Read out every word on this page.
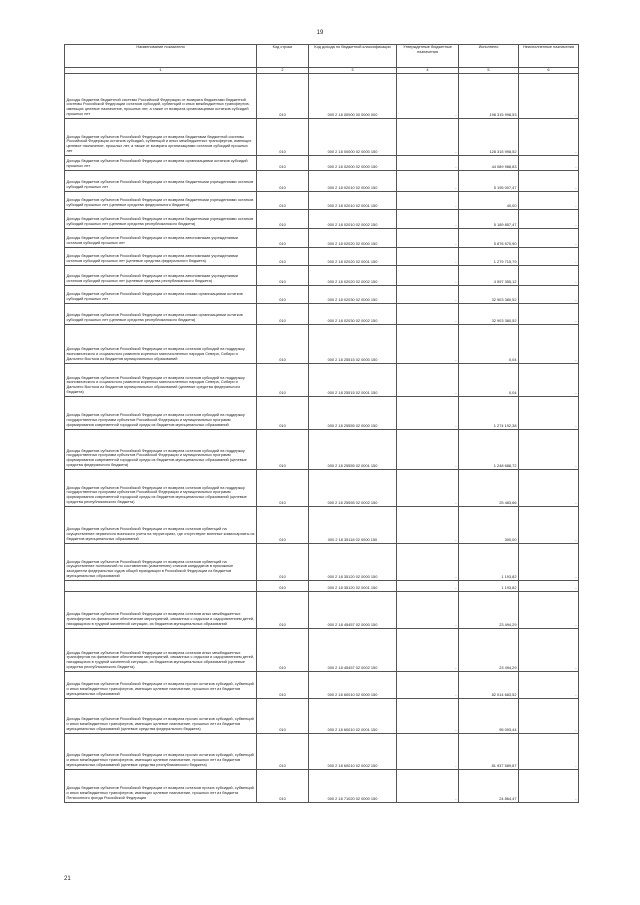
19
Наименование показателя	Код строки	Код дохода по бюджетной классификации	Утвержденные бюджетные назначения	Исполнено	Неисполненные назначения
1	2	3	4	5	6
Доходы бюджетов бюджетной системы Российской Федерации от возврата бюджетами бюджетной системы Российской Федерации остатков субсидий, субвенций и иных межбюджетных трансфертов, имеющих целевое назначение, прошлых лет, а также от возврата организациями остатков субсидий прошлых лет	010	000 2 18 00000 00 0000 000	-	198 315 998,53	-
Доходы бюджетов субъектов Российской Федерации от возврата бюджетами бюджетной системы Российской Федерации остатков субсидий, субвенций и иных межбюджетных трансфертов, имеющих целевое назначение, прошлых лет, а также от возврата организациями остатков субсидий прошлых лет	010	000 2 18 00000 02 0000 150	-	128 315 998,52	-
Доходы бюджетов субъектов Российской Федерации от возврата организациями остатков субсидий прошлых лет	010	000 2 18 02000 02 0000 150	-	44 089 988,83	-
Доходы бюджетов субъектов Российской Федерации от возврата бюджетными учреждениями остатков субсидий прошлых лет	010	000 2 18 02010 02 0000 150	-	5 195 007,47	-
Доходы бюджетов субъектов Российской Федерации от возврата бюджетными учреждениями остатков субсидий прошлых лет (целевые средства федерального бюджета)	010	000 2 18 02010 02 0001 150	-	40,00	-
Доходы бюджетов субъектов Российской Федерации от возврата бюджетными учреждениями остатков субсидий прошлых лет (целевые средства республиканского бюджета)	010	000 2 18 02010 02 0002 150	-	5 189 857,47	-
Доходы бюджетов субъектов Российской Федерации от возврата автономными учреждениями остатков субсидий прошлых лет	010	000 2 18 02020 02 0000 150	-	5 876 570,90	-
Доходы бюджетов субъектов Российской Федерации от возврата автономными учреждениями остатков субсидий прошлых лет (целевые средства федерального бюджета)	010	000 2 18 02020 02 0001 150	-	1 279 715,79	-
Доходы бюджетов субъектов Российской Федерации от возврата автономными учреждениями остатков субсидий прошлых лет (целевые средства республиканского бюджета)	010	000 2 18 02020 02 0002 150	-	4 597 355,12	-
Доходы бюджетов субъектов Российской Федерации от возврата иными организациями остатков субсидий прошлых лет	010	000 2 18 02030 02 0000 150	-	32 903 380,52	-
Доходы бюджетов субъектов Российской Федерации от возврата иными организациями остатков субсидий прошлых лет (целевые средства республиканского бюджета)	010	000 2 18 02030 02 0002 150	-	32 903 380,52	-
Доходы бюджетов субъектов Российской Федерации от возврата остатков субсидий на поддержку экономического и социального развития коренных малочисленных народов Севера, Сибири и Дальнего Востока из бюджетов муниципальных образований	010	000 2 18 25515 02 0000 150	-	0,04	-
Доходы бюджетов субъектов Российской Федерации от возврата остатков субсидий на поддержку экономического и социального развития коренных малочисленных народов Севера, Сибири и Дальнего Востока из бюджетов муниципальных образований (целевые средства федерального бюджета)	010	000 2 18 25515 02 0001 150	-	0,04	-
Доходы бюджетов субъектов Российской Федерации от возврата остатков субсидий на поддержку государственных программ субъектов Российской Федерации и муниципальных программ формирования современной городской среды из бюджетов муниципальных образований	010	000 2 18 25555 02 0000 150	-	1 274 192,38	-
Доходы бюджетов субъектов Российской Федерации от возврата остатков субсидий на поддержку государственных программ субъектов Российской Федерации и муниципальных программ формирования современной городской среды из бюджетов муниципальных образований (целевые средства федерального бюджета)	010	000 2 18 25555 02 0001 150	-	1 248 688,72	-
Доходы бюджетов субъектов Российской Федерации от возврата остатков субсидий на поддержку государственных программ субъектов Российской Федерации и муниципальных программ формирования современной городской среды из бюджетов муниципальных образований (целевые средства республиканского бюджета)	010	000 2 18 25555 02 0002 150	-	25 483,66	-
Доходы бюджетов субъектов Российской Федерации от возврата остатков субвенций на осуществление первичного воинского учета на территориях, где отсутствуют военные комиссариаты из бюджетов муниципальных образований	010	000 2 18 35118 02 0000 150	-	300,00	-
Доходы бюджетов субъектов Российской Федерации от возврата остатков субвенций на осуществление полномочий по составлению (изменению) списков кандидатов в присяжные заседатели федеральных судов общей юрисдикции в Российской Федерации из бюджетов муниципальных образований	010	000 2 18 35120 02 0000 150	-	1 193,82	-
	010	000 2 18 35120 02 0001 150	-	1 193,82	-
Доходы бюджетов субъектов Российской Федерации от возврата остатков иных межбюджетных трансфертов на финансовое обеспечение мероприятий, связанных с отдыхом и оздоровлением детей, находящихся в трудной жизненной ситуации, из бюджетов муниципальных образований	010	000 2 18 45457 02 0000 150	-	23 494,29	-
Доходы бюджетов субъектов Российской Федерации от возврата остатков иных межбюджетных трансфертов на финансовое обеспечение мероприятий, связанных с отдыхом и оздоровлением детей, находящихся в трудной жизненной ситуации, из бюджетов муниципальных образований (целевые средства республиканского бюджета)	010	000 2 18 45457 02 0002 150	-	23 494,29	-
Доходы бюджетов субъектов Российской Федерации от возврата прочих остатков субсидий, субвенций и иных межбюджетных трансфертов, имеющих целевое назначение, прошлых лет из бюджетов муниципальных образований	010	000 2 18 60010 02 0000 150	-	82 014 683,52	-
Доходы бюджетов субъектов Российской Федерации от возврата прочих остатков субсидий, субвенций и иных межбюджетных трансфертов, имеющих целевое назначение, прошлых лет из бюджетов муниципальных образований (целевые средства федерального бюджета)	010	000 2 18 60010 02 0001 150	-	95 093,44	-
Доходы бюджетов субъектов Российской Федерации от возврата прочих остатков субсидий, субвенций и иных межбюджетных трансфертов, имеющих целевое назначение, прошлых лет из бюджетов муниципальных образований (целевые средства республиканского бюджета)	010	000 2 18 60010 02 0002 150	-	81 937 589,87	-
Доходы бюджетов субъектов Российской Федерации от возврата остатков прочих субсидий, субвенций и иных межбюджетных трансфертов, имеющих целевое назначение, прошлых лет из бюджета Пенсионного фонда Российской Федерации	010	000 2 18 71020 02 0000 150	-	24 864,47	-
21
